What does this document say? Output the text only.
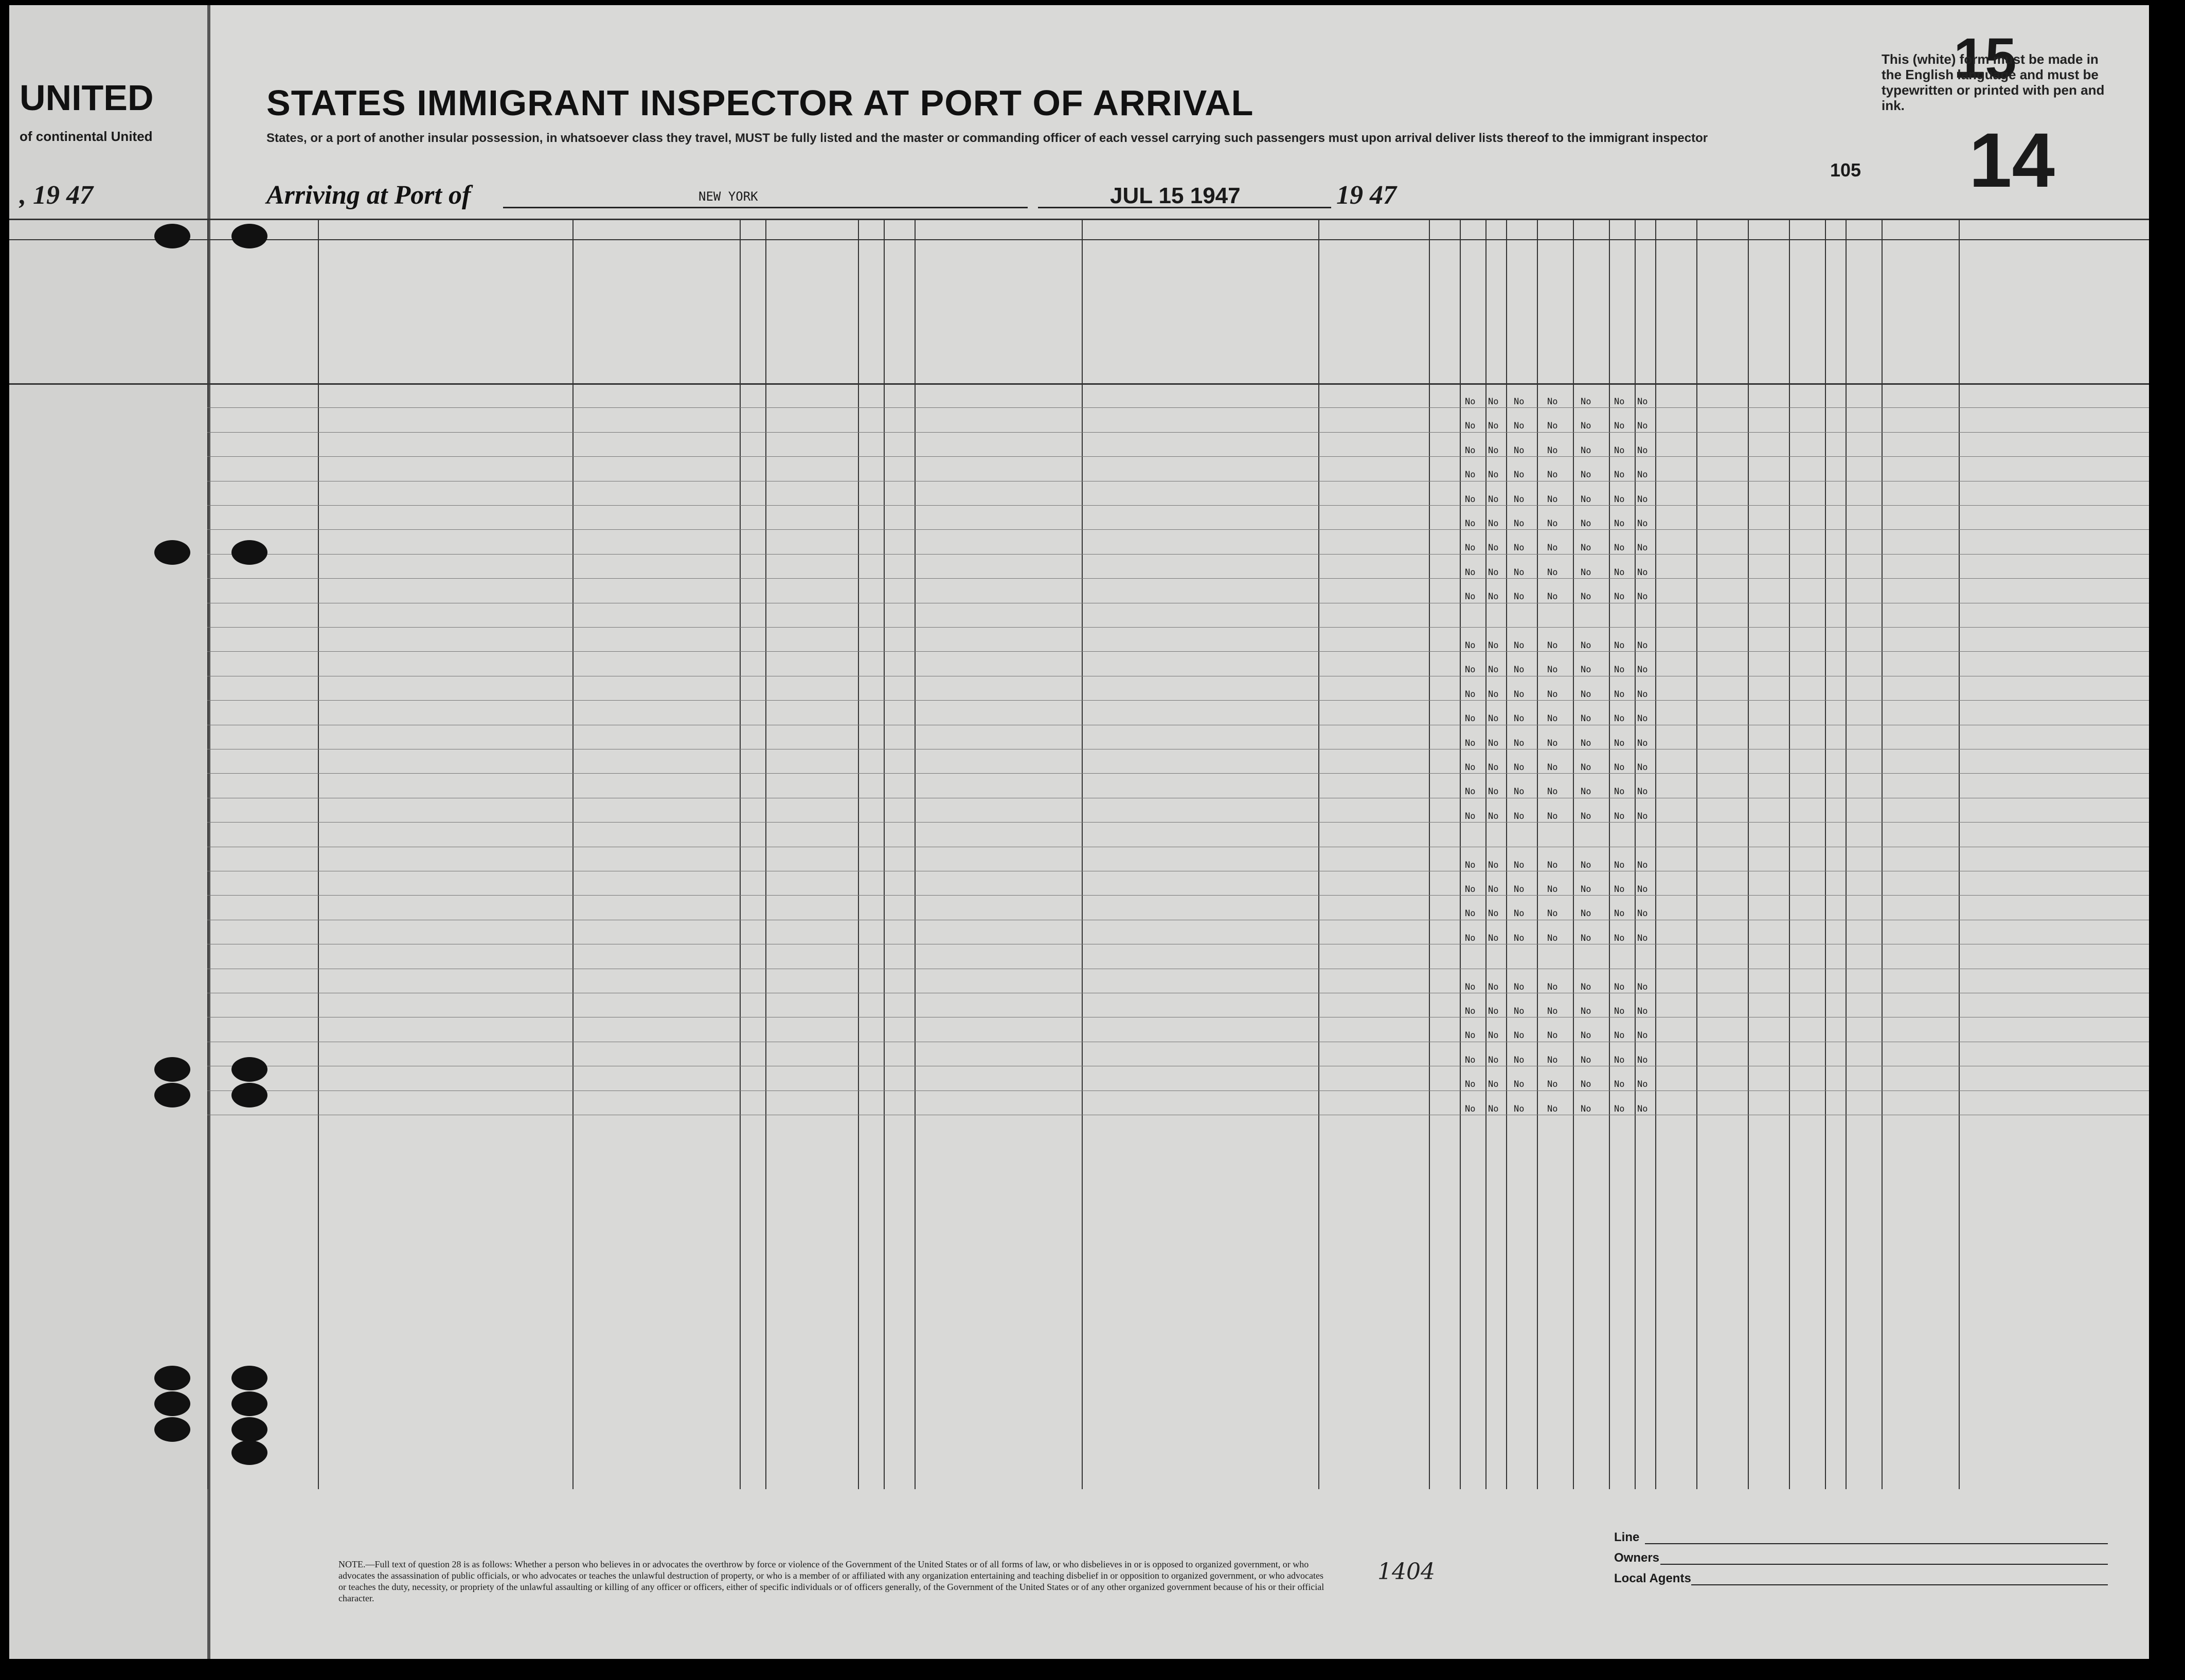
UNITED
of continental United
, 19 47
STATES IMMIGRANT INSPECTOR AT PORT OF ARRIVAL
States, or a port of another insular possession, in whatsoever class they travel, MUST be fully listed and the master or commanding officer of each vessel carrying such passengers must upon arrival deliver lists thereof to the immigrant inspector
Arriving at Port of	NEW YORK	JUL 15 1947	19 47
15
This (white) form must be made in the English language and must be typewritten or printed with pen and ink.
105 14
No No No	No	No	No No
No No No	No	No	No No
No No No	No	No	No No
No No No	No	No	No No
No No No	No	No	No No
No No No	No	No	No No
No No No	No	No	No No
No No No	No	No	No No
No No No	No	No	No No
No No No	No	No	No No
No No No	No	No	No No
No No No	No	No	No No
No No No	No	No	No No
No No No	No	No	No No
No No No	No	No	No No
No No No	No	No	No No
No No No	No	No	No No
No No No	No	No	No No
No No No	No	No	No No
No No No	No	No	No No
No No No	No	No	No No
No No No	No	No	No No
No No No	No	No	No No
No No No	No	No	No No
No No No	No	No	No No
No No No	No	No	No No
No No No	No	No	No No
NOTE.—Full text of question 28 is as follows: Whether a person who believes in or advocates the overthrow by force or violence of the Government of the United States or of all forms of law, or who disbelieves in or is opposed to organized government, or who advocates the assassination of public officials, or who advocates or teaches the unlawful destruction of property, or who is a member of or affiliated with any organization entertaining and teaching disbelief in or opposition to organized government, or who advocates or teaches the duty, necessity, or propriety of the unlawful assaulting or killing of any officer or officers, either of specific individuals or of officers generally, of the Government of the United States or of any other organized government because of his or their official character.
1404
Line
Owners
Local Agents
